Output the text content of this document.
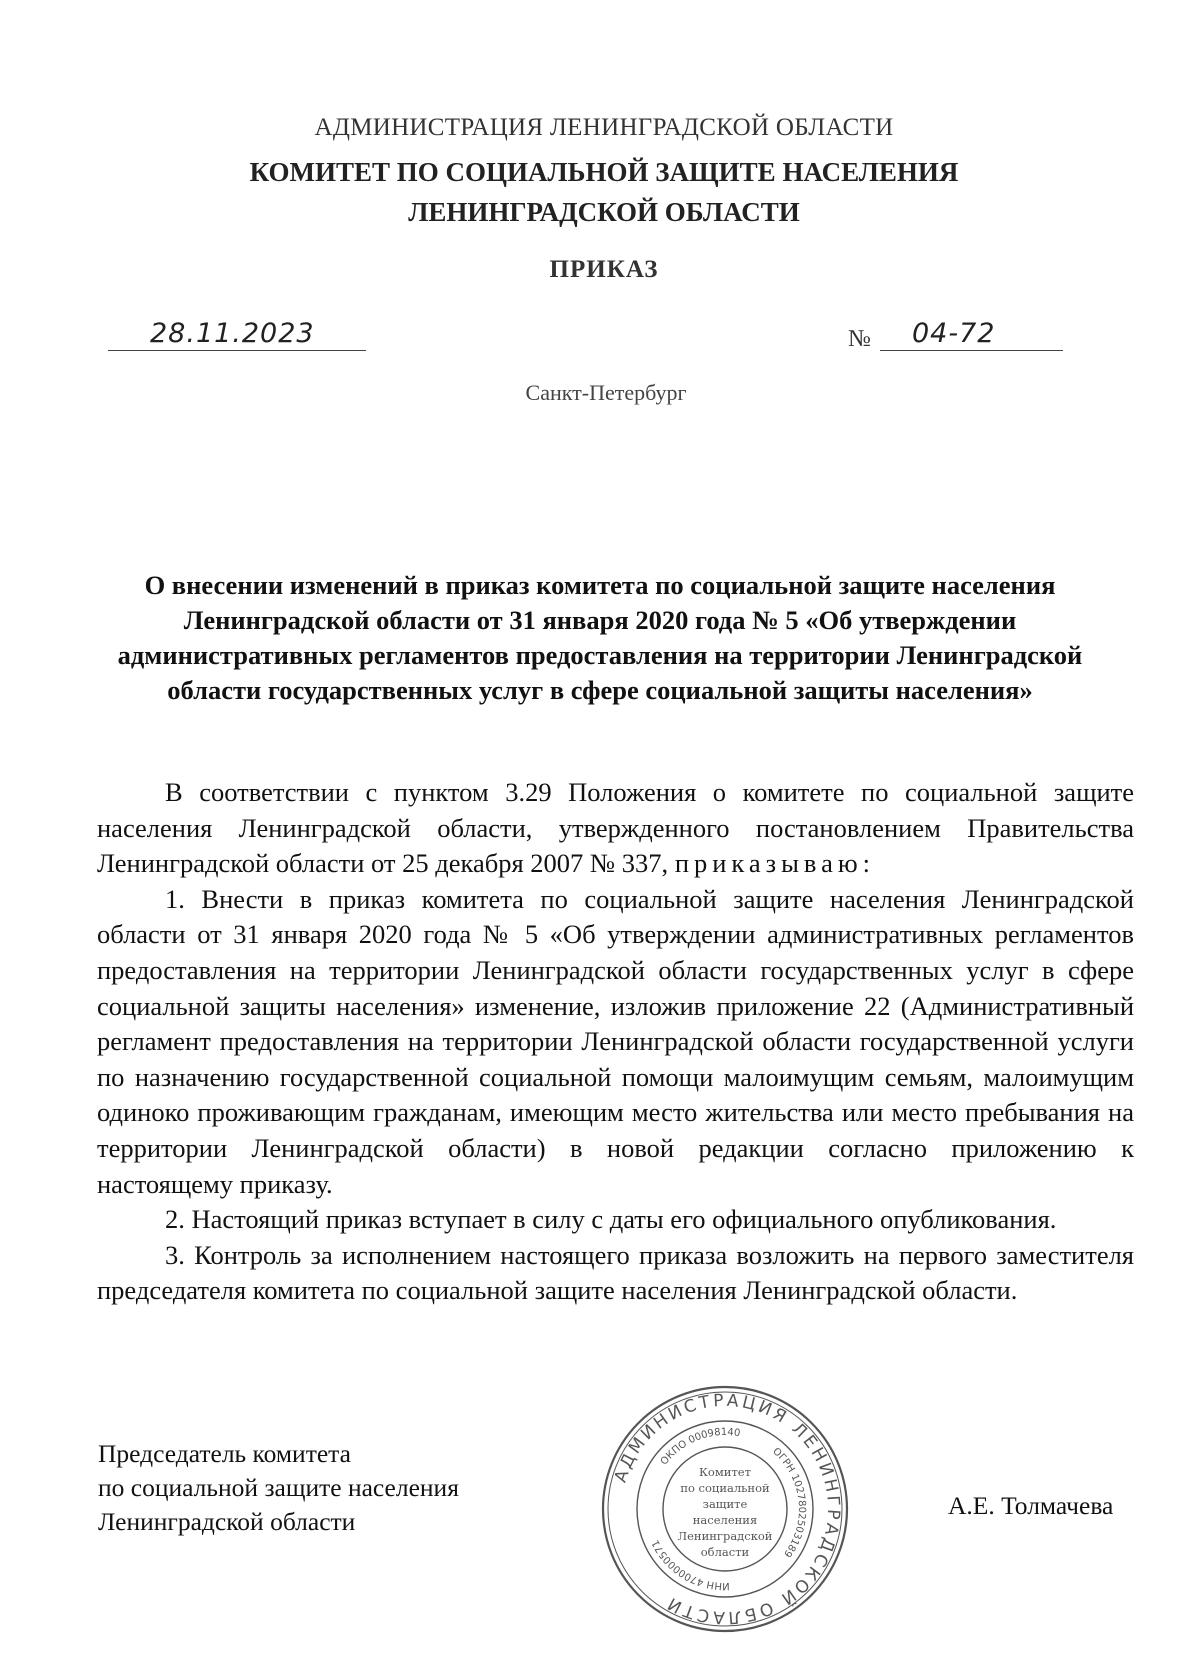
АДМИНИСТРАЦИЯ ЛЕНИНГРАДСКОЙ ОБЛАСТИ
КОМИТЕТ ПО СОЦИАЛЬНОЙ ЗАЩИТЕ НАСЕЛЕНИЯ
ЛЕНИНГРАДСКОЙ ОБЛАСТИ
ПРИКАЗ
28.11.2023	№ 04-72
Санкт-Петербург
О внесении изменений в приказ комитета по социальной защите населения Ленинградской области от 31 января 2020 года № 5 «Об утверждении административных регламентов предоставления на территории Ленинградской области государственных услуг в сфере социальной защиты населения»

В соответствии с пунктом 3.29 Положения о комитете по социальной защите населения Ленинградской области, утвержденного постановлением Правительства Ленинградской области от 25 декабря 2007 № 337, приказываю:

1. Внести в приказ комитета по социальной защите населения Ленинградской области от 31 января 2020 года № 5 «Об утверждении административных регламентов предоставления на территории Ленинградской области государственных услуг в сфере социальной защиты населения» изменение, изложив приложение 22 (Административный регламент предоставления на территории Ленинградской области государственной услуги по назначению государственной социальной помощи малоимущим семьям, малоимущим одиноко проживающим гражданам, имеющим место жительства или место пребывания на территории Ленинградской области) в новой редакции согласно приложению к настоящему приказу.

2. Настоящий приказ вступает в силу с даты его официального опубликования.

3. Контроль за исполнением настоящего приказа возложить на первого заместителя председателя комитета по социальной защите населения Ленинградской области.

Председатель комитета
по социальной защите населения
Ленинградской области
А.Е. Толмачева
АДМИНИСТРАЦИЯ ЛЕНИНГРАДСКОЙ ОБЛАСТИ
ОКПО 00098140
ОГРН 1027802503189
ИНН 4700000571
Комитет
по социальной
защите
населения
Ленинградской
области
